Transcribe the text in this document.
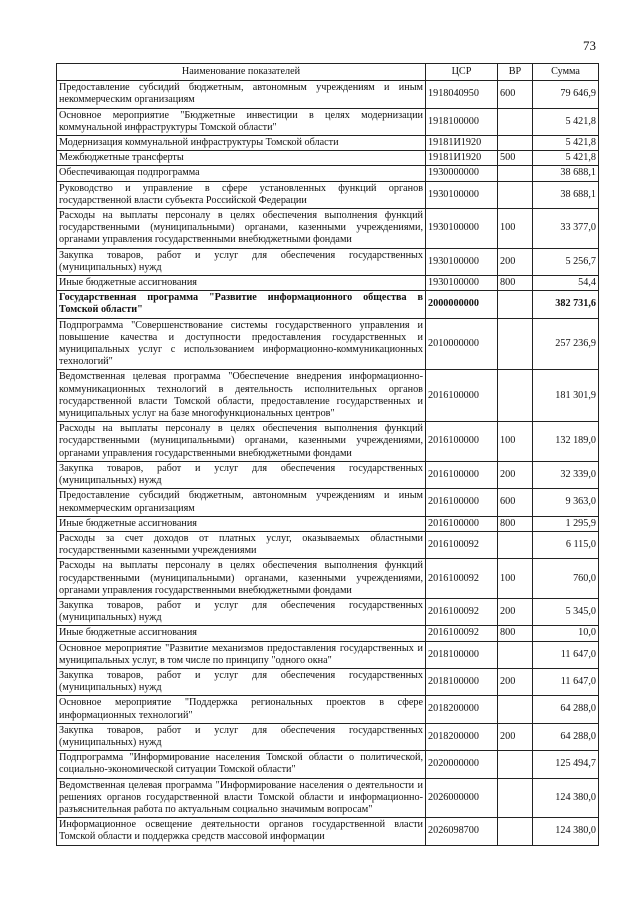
73
Наименование показателей	ЦСР	ВР	Сумма
Предоставление субсидий бюджетным, автономным учреждениям и иным некоммерческим организациям	1918040950	600	79 646,9
Основное мероприятие "Бюджетные инвестиции в целях модернизации коммунальной инфраструктуры Томской области"	1918100000		5 421,8
Модернизация коммунальной инфраструктуры Томской области	19181И1920		5 421,8
Межбюджетные трансферты	19181И1920	500	5 421,8
Обеспечивающая подпрограмма	1930000000		38 688,1
Руководство и управление в сфере установленных функций органов государственной власти субъекта Российской Федерации	1930100000		38 688,1
Расходы на выплаты персоналу в целях обеспечения выполнения функций государственными (муниципальными) органами, казенными учреждениями, органами управления государственными внебюджетными фондами	1930100000	100	33 377,0
Закупка товаров, работ и услуг для обеспечения государственных (муниципальных) нужд	1930100000	200	5 256,7
Иные бюджетные ассигнования	1930100000	800	54,4
Государственная программа "Развитие информационного общества в Томской области"	2000000000		382 731,6
Подпрограмма "Совершенствование системы государственного управления и повышение качества и доступности предоставления государственных и муниципальных услуг с использованием информационно-коммуникационных технологий"	2010000000		257 236,9
Ведомственная целевая программа "Обеспечение внедрения информационно-коммуникационных технологий в деятельность исполнительных органов государственной власти Томской области, предоставление государственных и муниципальных услуг на базе многофункциональных центров"	2016100000		181 301,9
Расходы на выплаты персоналу в целях обеспечения выполнения функций государственными (муниципальными) органами, казенными учреждениями, органами управления государственными внебюджетными фондами	2016100000	100	132 189,0
Закупка товаров, работ и услуг для обеспечения государственных (муниципальных) нужд	2016100000	200	32 339,0
Предоставление субсидий бюджетным, автономным учреждениям и иным некоммерческим организациям	2016100000	600	9 363,0
Иные бюджетные ассигнования	2016100000	800	1 295,9
Расходы за счет доходов от платных услуг, оказываемых областными государственными казенными учреждениями	2016100092		6 115,0
Расходы на выплаты персоналу в целях обеспечения выполнения функций государственными (муниципальными) органами, казенными учреждениями, органами управления государственными внебюджетными фондами	2016100092	100	760,0
Закупка товаров, работ и услуг для обеспечения государственных (муниципальных) нужд	2016100092	200	5 345,0
Иные бюджетные ассигнования	2016100092	800	10,0
Основное мероприятие "Развитие механизмов предоставления государственных и муниципальных услуг, в том числе по принципу "одного окна"	2018100000		11 647,0
Закупка товаров, работ и услуг для обеспечения государственных (муниципальных) нужд	2018100000	200	11 647,0
Основное мероприятие "Поддержка региональных проектов в сфере информационных технологий"	2018200000		64 288,0
Закупка товаров, работ и услуг для обеспечения государственных (муниципальных) нужд	2018200000	200	64 288,0
Подпрограмма "Информирование населения Томской области о политической, социально-экономической ситуации Томской области"	2020000000		125 494,7
Ведомственная целевая программа "Информирование населения о деятельности и решениях органов государственной власти Томской области и информационно-разъяснительная работа по актуальным социально значимым вопросам"	2026000000		124 380,0
Информационное освещение деятельности органов государственной власти Томской области и поддержка средств массовой информации	2026098700		124 380,0
